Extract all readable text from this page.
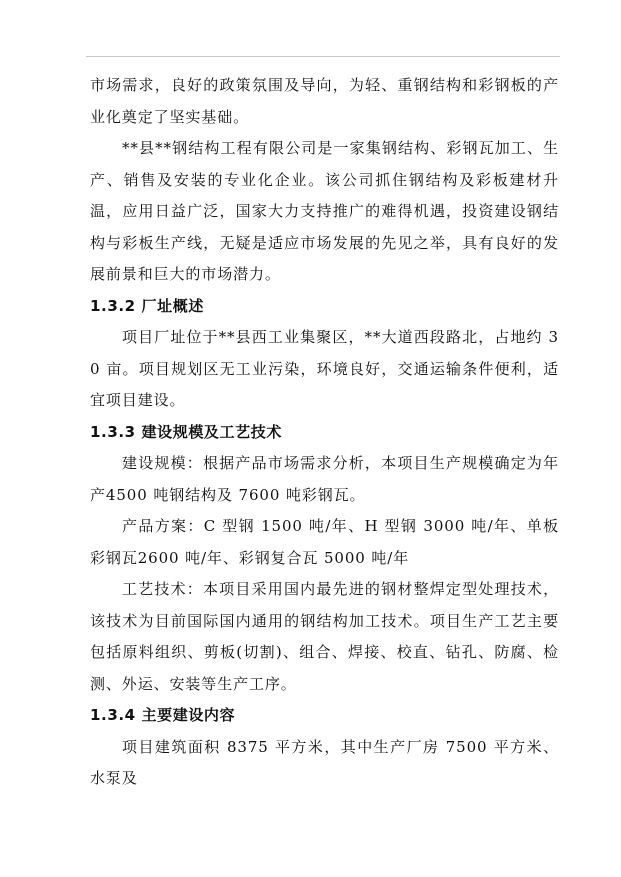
市场需求，良好的政策氛围及导向，为轻、重钢结构和彩钢板的产业化奠定了坚实基础。

**县**钢结构工程有限公司是一家集钢结构、彩钢瓦加工、生产、销售及安装的专业化企业。该公司抓住钢结构及彩板建材升温，应用日益广泛，国家大力支持推广的难得机遇，投资建设钢结构与彩板生产线，无疑是适应市场发展的先见之举，具有良好的发展前景和巨大的市场潜力。

1.3.2 厂址概述

项目厂址位于**县西工业集聚区，**大道西段路北，占地约 30 亩。项目规划区无工业污染，环境良好，交通运输条件便利，适宜项目建设。

1.3.3 建设规模及工艺技术

建设规模：根据产品市场需求分析，本项目生产规模确定为年产4500 吨钢结构及 7600 吨彩钢瓦。

产品方案：C 型钢 1500 吨/年、H 型钢 3000 吨/年、单板彩钢瓦2600 吨/年、彩钢复合瓦 5000 吨/年

工艺技术：本项目采用国内最先进的钢材整焊定型处理技术，该技术为目前国际国内通用的钢结构加工技术。项目生产工艺主要包括原料组织、剪板(切割)、组合、焊接、校直、钻孔、防腐、检测、外运、安装等生产工序。

1.3.4 主要建设内容

项目建筑面积 8375 平方米，其中生产厂房 7500 平方米、水泵及
